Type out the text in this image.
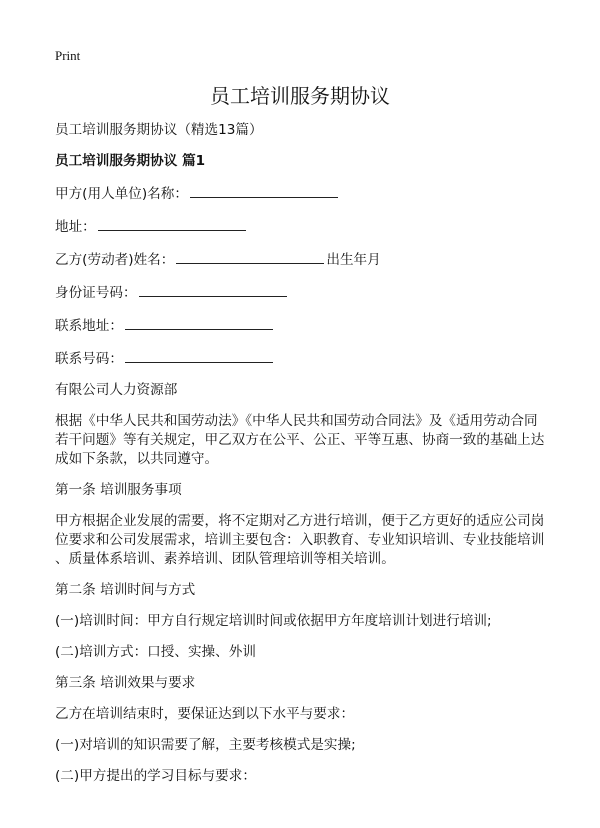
Print
员工培训服务期协议
员工培训服务期协议（精选13篇）
员工培训服务期协议 篇1
甲方(用人单位)名称：
地址：
乙方(劳动者)姓名：	出生年月
身份证号码：
联系地址：
联系号码：
有限公司人力资源部
根据《中华人民共和国劳动法》《中华人民共和国劳动合同法》及《适用劳动合同
若干问题》等有关规定，甲乙双方在公平、公正、平等互惠、协商一致的基础上达
成如下条款，以共同遵守。
第一条 培训服务事项
甲方根据企业发展的需要，将不定期对乙方进行培训，便于乙方更好的适应公司岗
位要求和公司发展需求，培训主要包含：入职教育、专业知识培训、专业技能培训
、质量体系培训、素养培训、团队管理培训等相关培训。
第二条 培训时间与方式
(一)培训时间：甲方自行规定培训时间或依据甲方年度培训计划进行培训;
(二)培训方式：口授、实操、外训
第三条 培训效果与要求
乙方在培训结束时，要保证达到以下水平与要求：
(一)对培训的知识需要了解，主要考核模式是实操;
(二)甲方提出的学习目标与要求：
